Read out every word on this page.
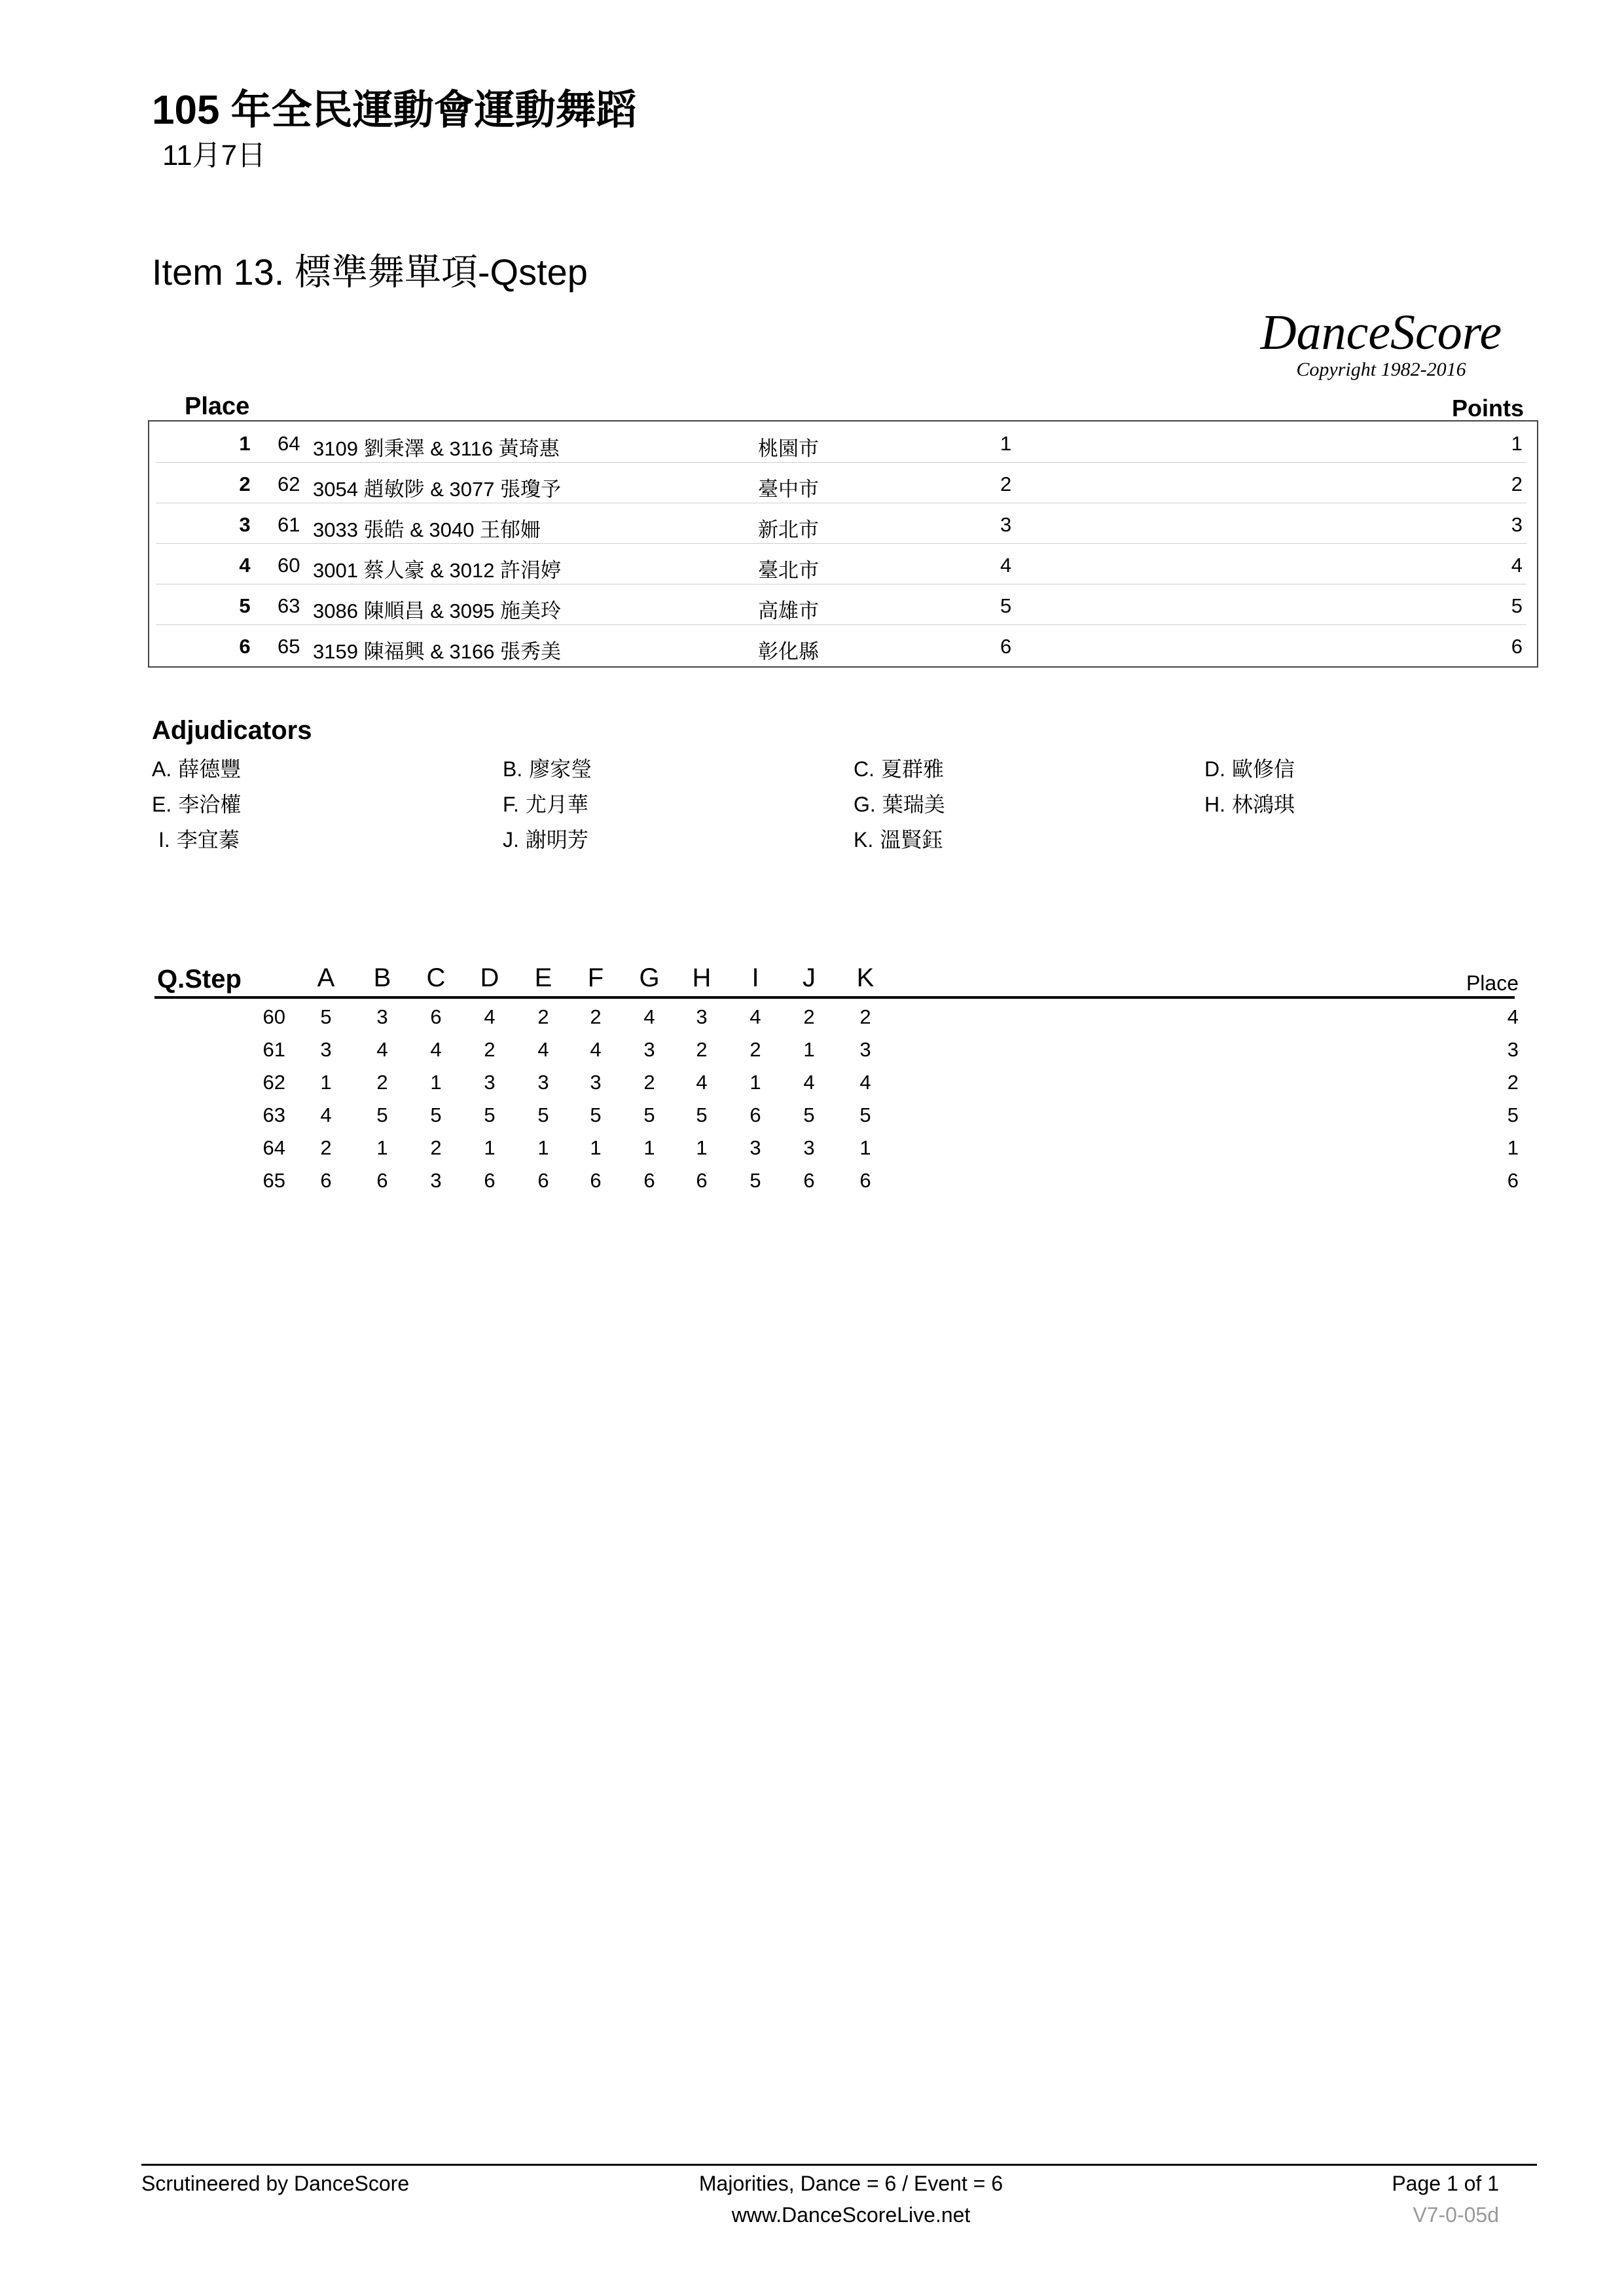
105 年全民運動會運動舞蹈
11月7日
Item 13. 標準舞單項-Qstep
DanceScore
Copyright 1982-2016
Place	Points
1	64 3109 劉秉澤 & 3116 黃琦惠	桃園市	1	1
2	62 3054 趙敏陟 & 3077 張瓊予	臺中市	2	2
3	61 3033 張皓 & 3040 王郁姍	新北市	3	3
4	60 3001 蔡人豪 & 3012 許涓婷	臺北市	4	4
5	63 3086 陳順昌 & 3095 施美玲	高雄市	5	5
6	65 3159 陳福興 & 3166 張秀美	彰化縣	6	6
Adjudicators
A. 薛德豐	B. 廖家瑩	C. 夏群雅	D. 歐修信
E. 李洽權	F. 尤月華	G. 葉瑞美	H. 林鴻琪
I. 李宜蓁	J. 謝明芳	K. 溫賢鈺
Q.Step	A	B	C	D	E	F	G	H	I	J	K	Place
60	5	3	6	4	2	2	4	3	4	2	2	4
61	3	4	4	2	4	4	3	2	2	1	3	3
62	1	2	1	3	3	3	2	4	1	4	4	2
63	4	5	5	5	5	5	5	5	6	5	5	5
64	2	1	2	1	1	1	1	1	3	3	1	1
65	6	6	3	6	6	6	6	6	5	6	6	6
Scrutineered by DanceScore	Majorities, Dance = 6 / Event = 6	Page 1 of 1
www.DanceScoreLive.net	V7-0-05d
